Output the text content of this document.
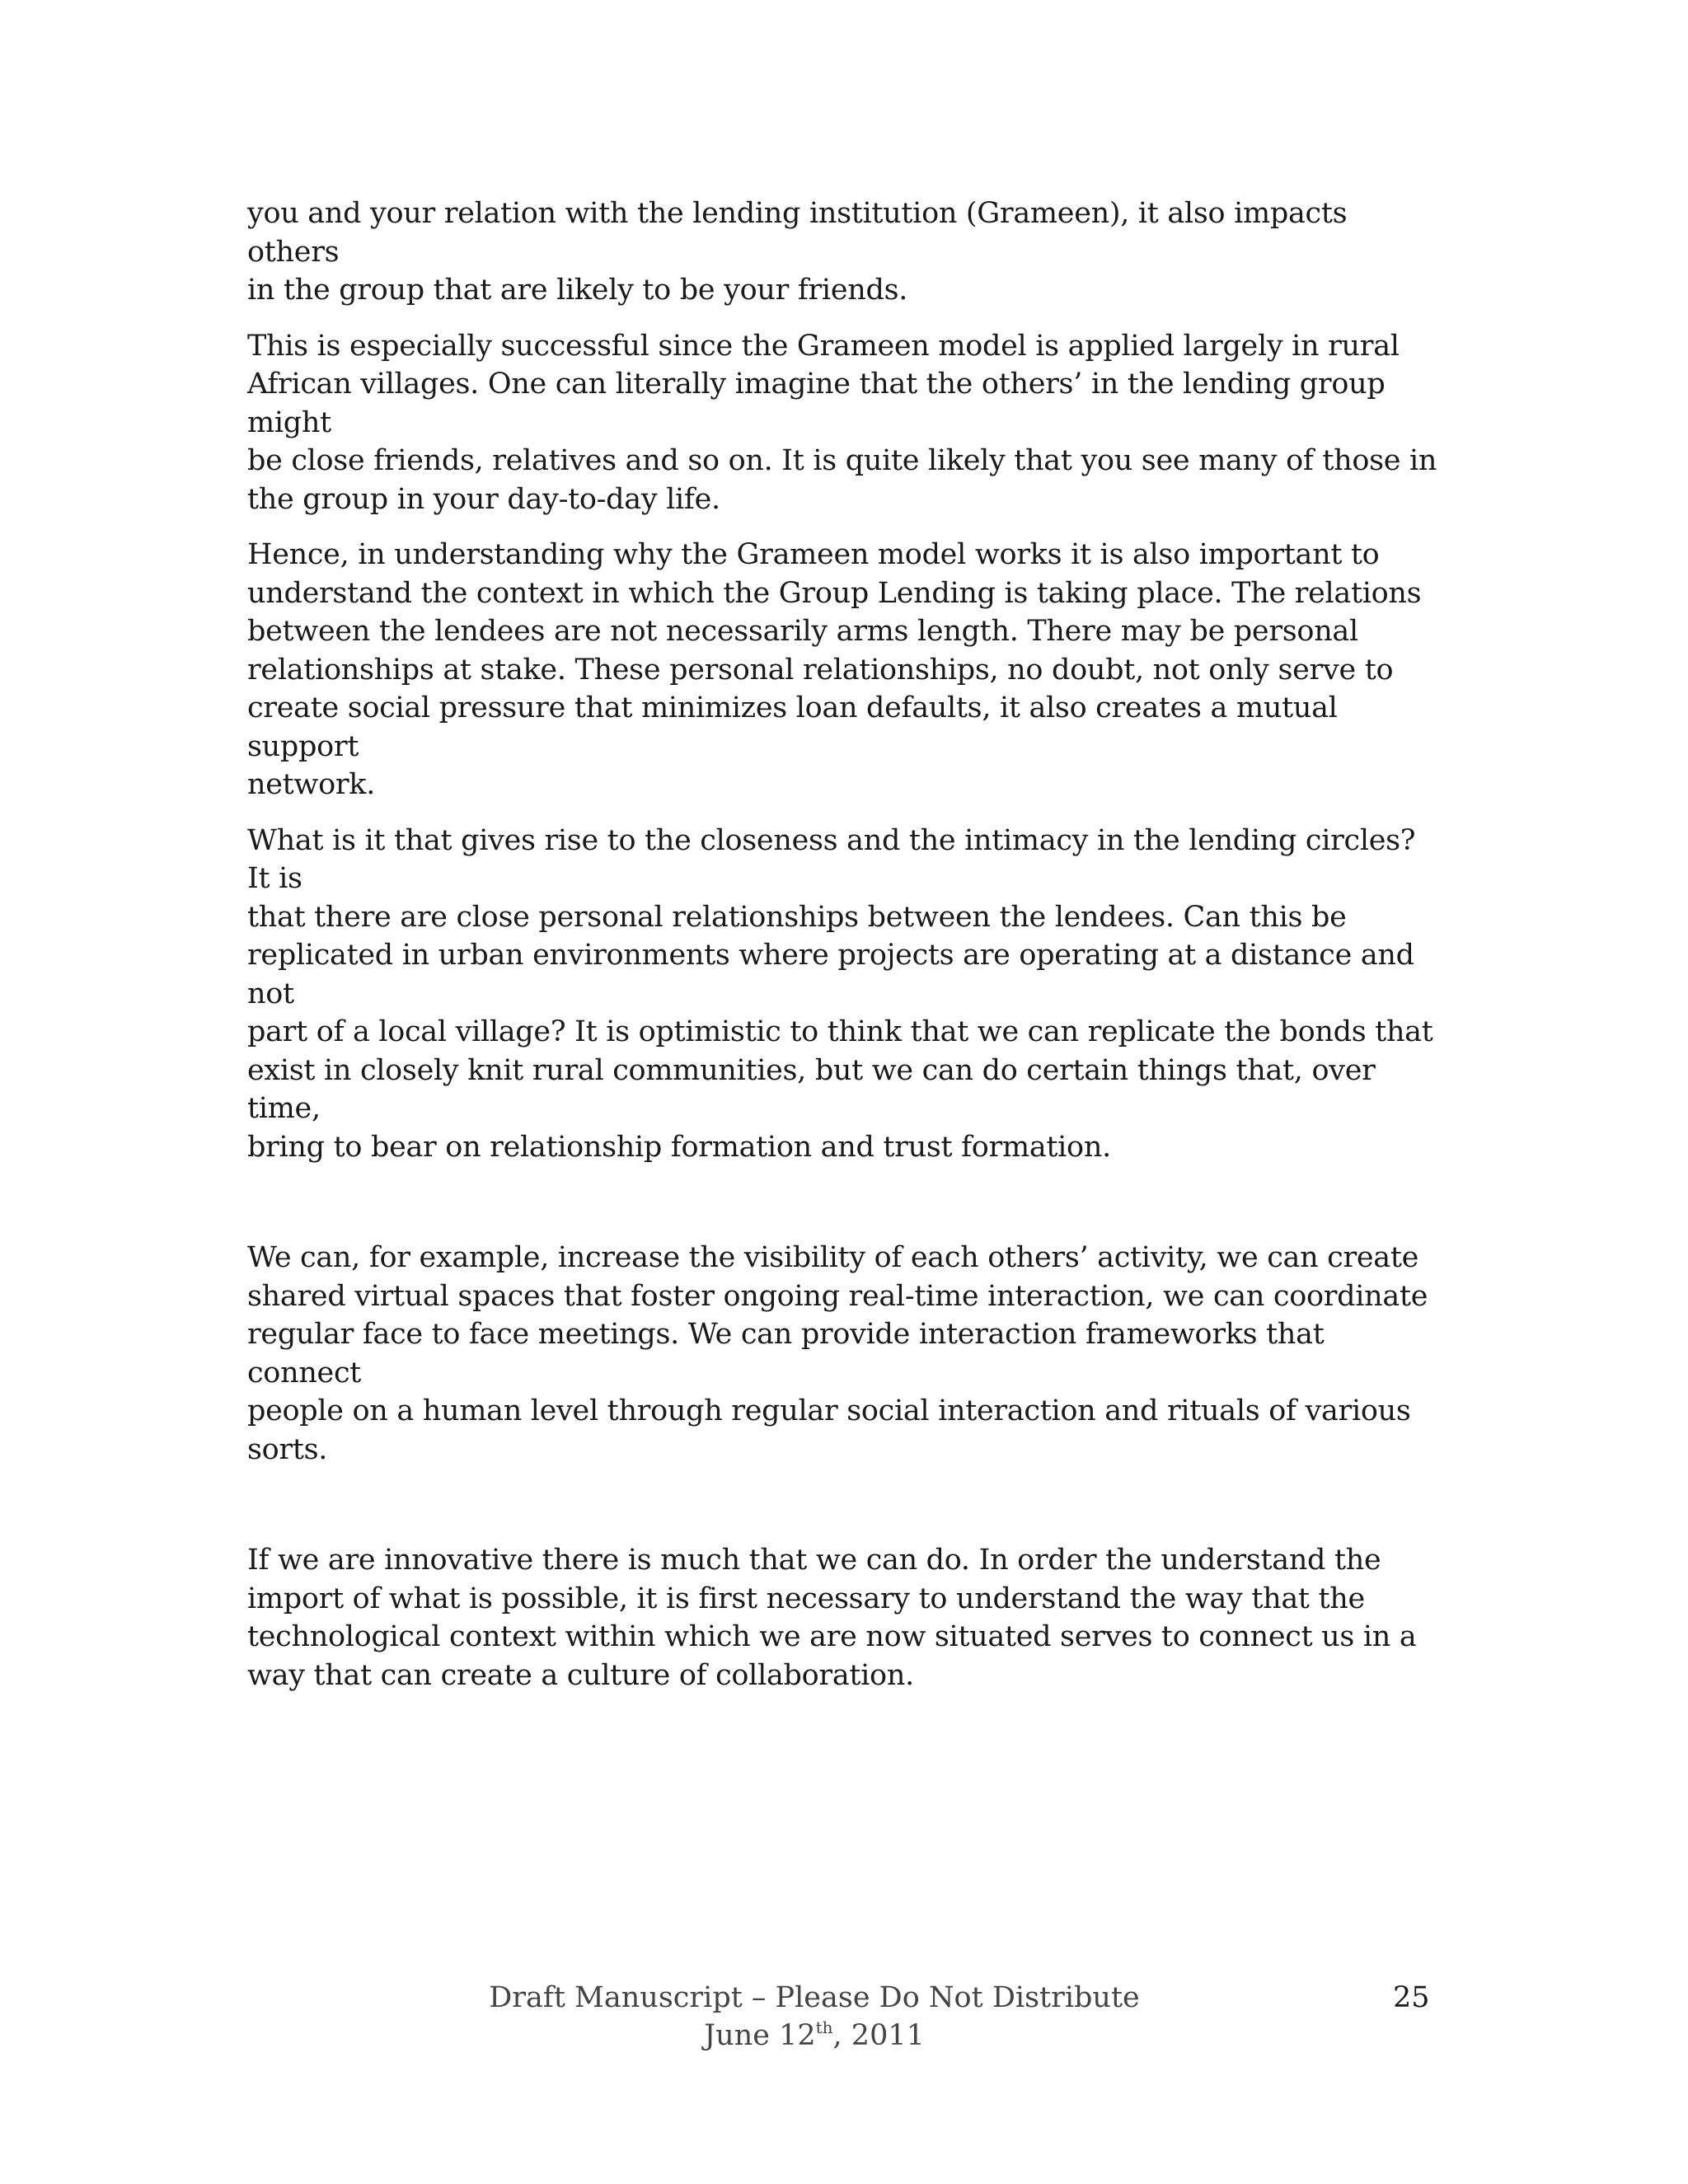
you and your relation with the lending institution (Grameen), it also impacts others
in the group that are likely to be your friends.

This is especially successful since the Grameen model is applied largely in rural
African villages. One can literally imagine that the others’ in the lending group might
be close friends, relatives and so on. It is quite likely that you see many of those in
the group in your day-to-day life.

Hence, in understanding why the Grameen model works it is also important to
understand the context in which the Group Lending is taking place. The relations
between the lendees are not necessarily arms length. There may be personal
relationships at stake. These personal relationships, no doubt, not only serve to
create social pressure that minimizes loan defaults, it also creates a mutual support
network.

What is it that gives rise to the closeness and the intimacy in the lending circles? It is
that there are close personal relationships between the lendees. Can this be
replicated in urban environments where projects are operating at a distance and not
part of a local village? It is optimistic to think that we can replicate the bonds that
exist in closely knit rural communities, but we can do certain things that, over time,
bring to bear on relationship formation and trust formation.

We can, for example, increase the visibility of each others’ activity, we can create
shared virtual spaces that foster ongoing real-time interaction, we can coordinate
regular face to face meetings. We can provide interaction frameworks that connect
people on a human level through regular social interaction and rituals of various
sorts.

If we are innovative there is much that we can do. In order the understand the
import of what is possible, it is first necessary to understand the way that the
technological context within which we are now situated serves to connect us in a
way that can create a culture of collaboration.

Draft Manuscript – Please Do Not Distribute
June 12th, 2011
25
